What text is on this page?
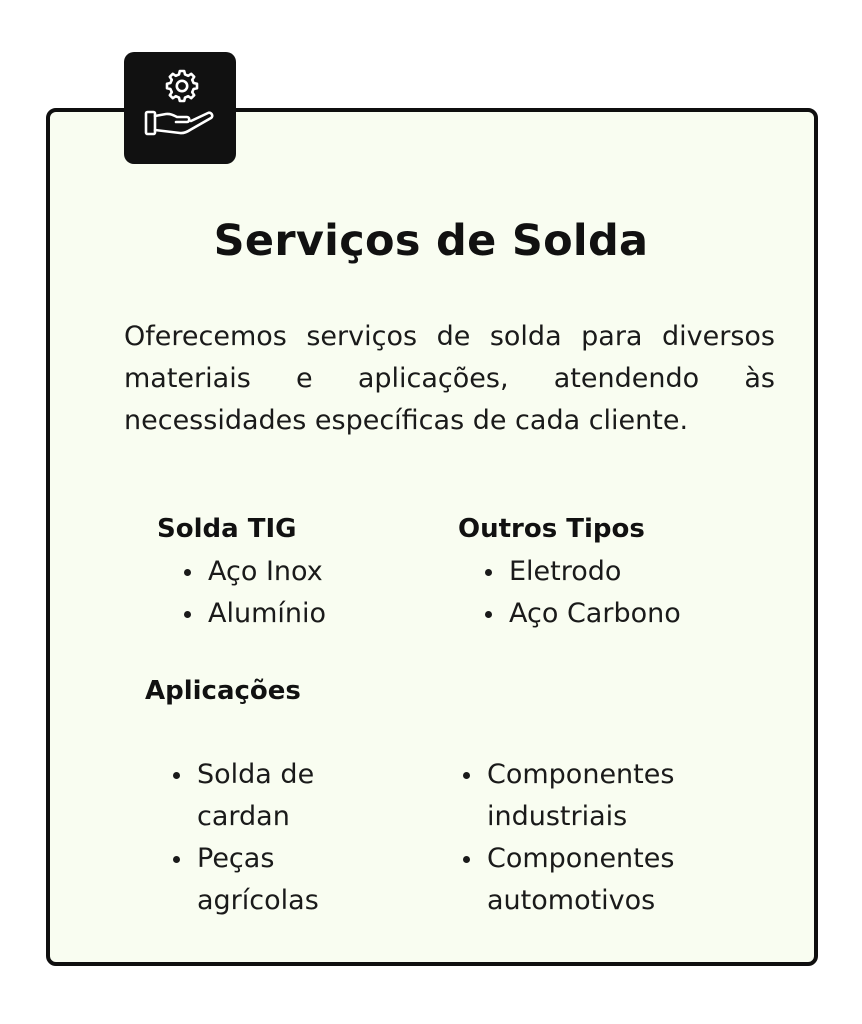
Serviços de Solda

Oferecemos serviços de solda para diversos materiais e aplicações, atendendo às necessidades específicas de cada cliente.

Solda TIG
Aço Inox
Alumínio
Outros Tipos
Eletrodo
Aço Carbono
Aplicações
Solda de cardan
Peças agrícolas
Componentes industriais
Componentes automotivos
